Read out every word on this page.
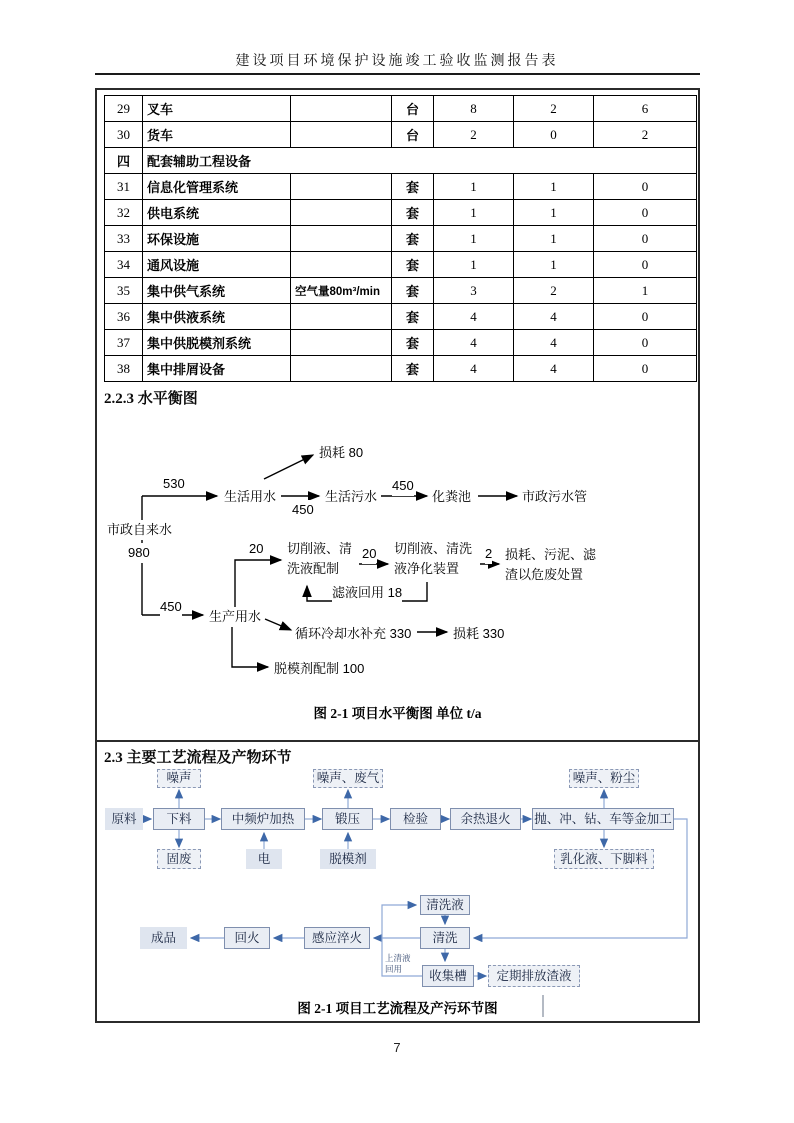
建设项目环境保护设施竣工验收监测报告表
29	叉车		台	8	2	6
30	货车		台	2	0	2
四	配套辅助工程设备					
31	信息化管理系统		套	1	1	0
32	供电系统		套	1	1	0
33	环保设施		套	1	1	0
34	通风设施		套	1	1	0
35	集中供气系统	空气量80m³/min	套	3	2	1
36	集中供液系统		套	4	4	0
37	集中供脱模剂系统		套	4	4	0
38	集中排屑设备		套	4	4	0
2.2.3 水平衡图
损耗 80
530
生活用水
450
生活污水
450
化粪池	市政污水管
市政自来水
980	20 切削液、清洗液配制
20 切削液、清洗液净化装置
2 损耗、污泥、滤渣以危废处置
滤液回用 18
450
生产用水
循环冷却水补充 330	损耗 330
脱模剂配制 100
图 2-1 项目水平衡图 单位 t/a
2.3 主要工艺流程及产物环节
噪声	噪声、废气	噪声、粉尘
原料	下料	中频炉加热	锻压	检验	余热退火	抛、冲、钻、车等金加工
固废	电	脱模剂	乳化液、下脚料
清洗液
成品	回火	感应淬火	清洗
收集槽	定期排放渣液
上清液回用
图 2-1 项目工艺流程及产污环节图
7
